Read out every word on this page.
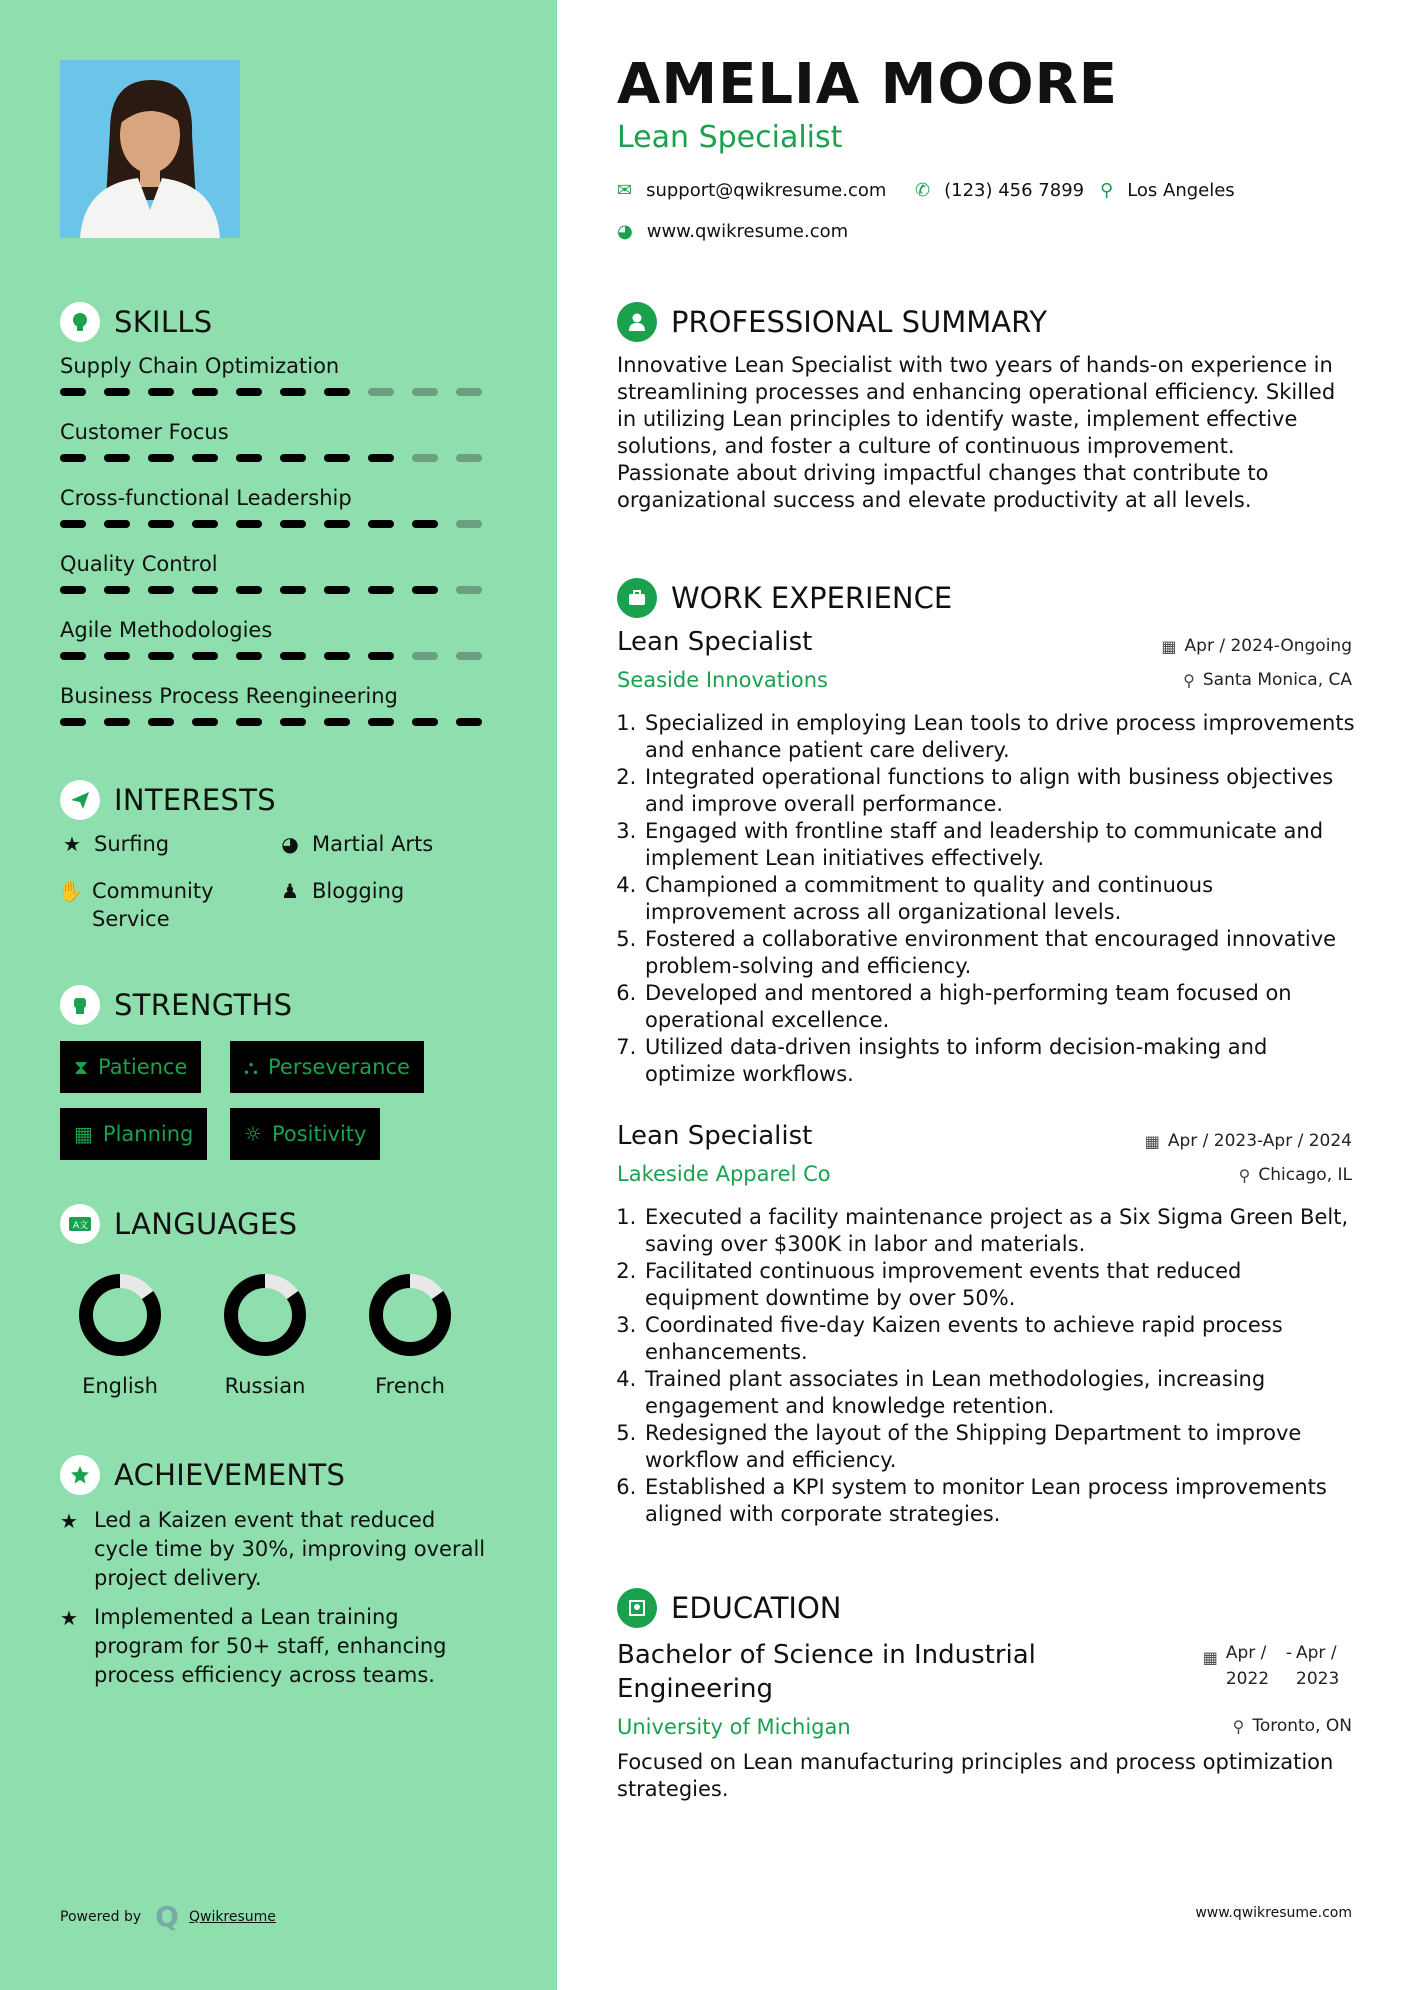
SKILLS
Supply Chain Optimization
Customer Focus
Cross-functional Leadership
Quality Control
Agile Methodologies
Business Process Reengineering
INTERESTS
★ Surfing	◕ Martial Arts
✋ Community Service
♟ Blogging
STRENGTHS
⧗ Patience	⛬ Perseverance
▦ Planning	☼ Positivity
A文 LANGUAGES
English	Russian	French
ACHIEVEMENTS
★ Led a Kaizen event that reduced cycle time by 30%, improving overall project delivery.
★ Implemented a Lean training program for 50+ staff, enhancing process efficiency across teams.
Powered by Q Qwikresume
AMELIA MOORE
Lean Specialist
✉ support@qwikresume.com ✆ (123) 456 7899 ⚲ Los Angeles
◕ www.qwikresume.com
PROFESSIONAL SUMMARY
Innovative Lean Specialist with two years of hands-on experience in streamlining processes and enhancing operational efficiency. Skilled in utilizing Lean principles to identify waste, implement effective solutions, and foster a culture of continuous improvement. Passionate about driving impactful changes that contribute to organizational success and elevate productivity at all levels.
WORK EXPERIENCE
Lean Specialist
Seaside Innovations
▦ Apr / 2024-Ongoing
⚲ Santa Monica, CA
1. Specialized in employing Lean tools to drive process improvements and enhance patient care delivery.
2. Integrated operational functions to align with business objectives and improve overall performance.
3. Engaged with frontline staff and leadership to communicate and implement Lean initiatives effectively.
4. Championed a commitment to quality and continuous improvement across all organizational levels.
5. Fostered a collaborative environment that encouraged innovative problem-solving and efficiency.
6. Developed and mentored a high-performing team focused on operational excellence.
7. Utilized data-driven insights to inform decision-making and optimize workflows.
Lean Specialist
Lakeside Apparel Co
▦ Apr / 2023-Apr / 2024
⚲ Chicago, IL
1. Executed a facility maintenance project as a Six Sigma Green Belt, saving over $300K in labor and materials.
2. Facilitated continuous improvement events that reduced equipment downtime by over 50%.
3. Coordinated five-day Kaizen events to achieve rapid process enhancements.
4. Trained plant associates in Lean methodologies, increasing engagement and knowledge retention.
5. Redesigned the layout of the Shipping Department to improve workflow and efficiency.
6. Established a KPI system to monitor Lean process improvements aligned with corporate strategies.
EDUCATION
Bachelor of Science in Industrial Engineering
University of Michigan
▦ Apr / 2022
- Apr / 2023
⚲ Toronto, ON
Focused on Lean manufacturing principles and process optimization strategies.
www.qwikresume.com
